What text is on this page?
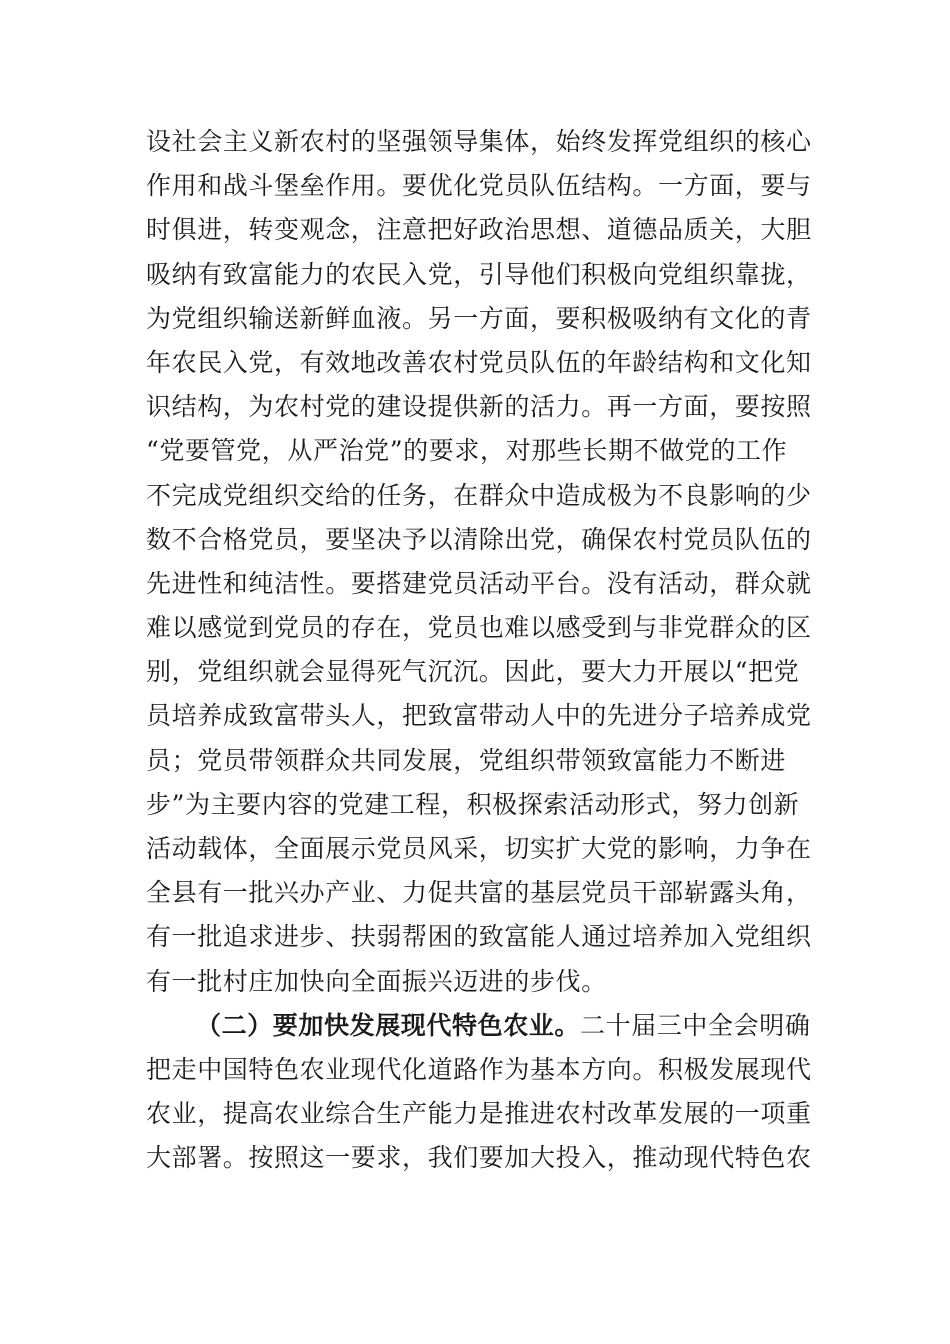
设社会主义新农村的坚强领导集体，始终发挥党组织的核心
作用和战斗堡垒作用。要优化党员队伍结构。一方面，要与
时俱进，转变观念，注意把好政治思想、道德品质关，大胆
吸纳有致富能力的农民入党，引导他们积极向党组织靠拢，
为党组织输送新鲜血液。另一方面，要积极吸纳有文化的青
年农民入党，有效地改善农村党员队伍的年龄结构和文化知
识结构，为农村党的建设提供新的活力。再一方面，要按照
“党要管党，从严治党”的要求，对那些长期不做党的工作
不完成党组织交给的任务，在群众中造成极为不良影响的少
数不合格党员，要坚决予以清除出党，确保农村党员队伍的
先进性和纯洁性。要搭建党员活动平台。没有活动，群众就
难以感觉到党员的存在，党员也难以感受到与非党群众的区
别，党组织就会显得死气沉沉。因此，要大力开展以“把党
员培养成致富带头人，把致富带动人中的先进分子培养成党
员；党员带领群众共同发展，党组织带领致富能力不断进
步”为主要内容的党建工程，积极探索活动形式，努力创新
活动载体，全面展示党员风采，切实扩大党的影响，力争在
全县有一批兴办产业、力促共富的基层党员干部崭露头角，
有一批追求进步、扶弱帮困的致富能人通过培养加入党组织
有一批村庄加快向全面振兴迈进的步伐。
（二）要加快发展现代特色农业。二十届三中全会明确
把走中国特色农业现代化道路作为基本方向。积极发展现代
农业，提高农业综合生产能力是推进农村改革发展的一项重
大部署。按照这一要求，我们要加大投入，推动现代特色农
